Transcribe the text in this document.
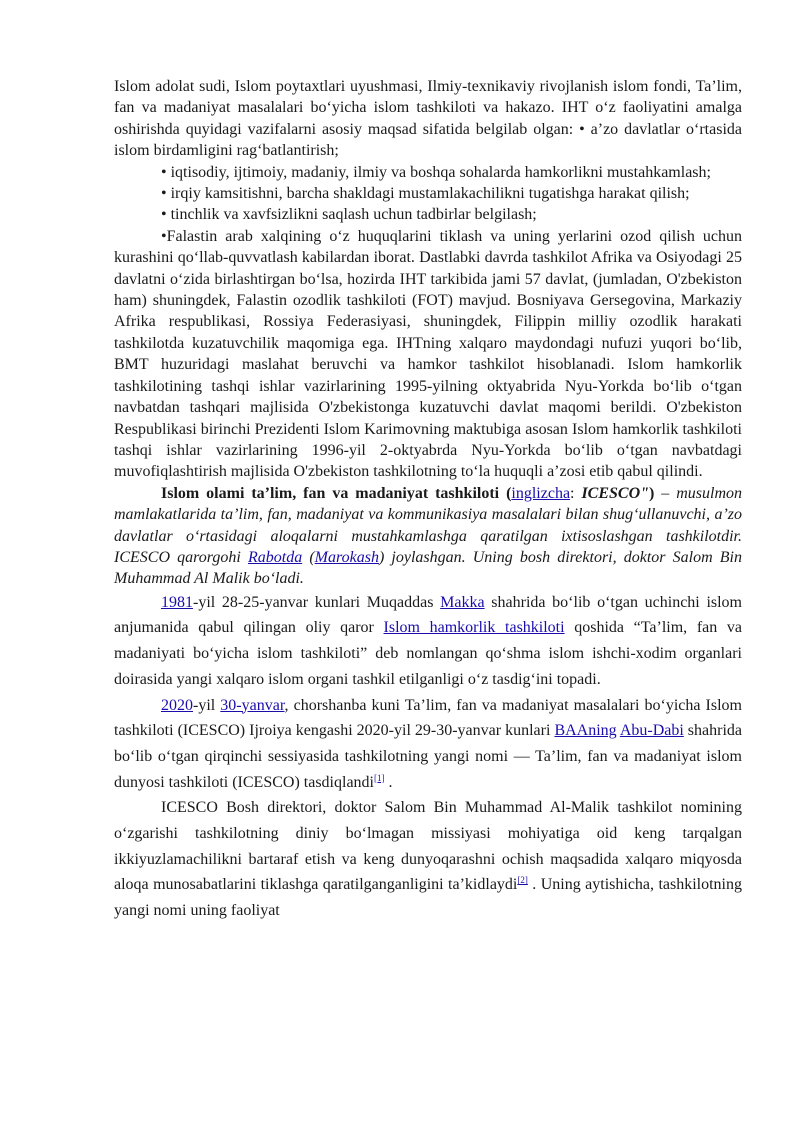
Islom adolat sudi, Islom poytaxtlari uyushmasi, Ilmiy-texnikaviy rivojlanish islom fondi, Ta’lim, fan va madaniyat masalalari bo‘yicha islom tashkiloti va hakazo. IHT o‘z faoliyatini amalga oshirishda quyidagi vazifalarni asosiy maqsad sifatida belgilab olgan: • a’zo davlatlar o‘rtasida islom birdamligini rag‘batlantirish;

• iqtisodiy, ijtimoiy, madaniy, ilmiy va boshqa sohalarda hamkorlikni mustahkamlash;

• irqiy kamsitishni, barcha shakldagi mustamlakachilikni tugatishga harakat qilish;

• tinchlik va xavfsizlikni saqlash uchun tadbirlar belgilash;

•Falastin arab xalqining o‘z huquqlarini tiklash va uning yerlarini ozod qilish uchun kurashini qo‘llab-quvvatlash kabilardan iborat. Dastlabki davrda tashkilot Afrika va Osiyodagi 25 davlatni o‘zida birlashtirgan bo‘lsa, hozirda IHT tarkibida jami 57 davlat, (jumladan, O'zbekiston ham) shuningdek, Falastin ozodlik tashkiloti (FOT) mavjud. Bosniyava Gersegovina, Markaziy Afrika respublikasi, Rossiya Federasiyasi, shuningdek, Filippin milliy ozodlik harakati tashkilotda kuzatuvchilik maqomiga ega. IHTning xalqaro maydondagi nufuzi yuqori bo‘lib, BMT huzuridagi maslahat beruvchi va hamkor tashkilot hisoblanadi. Islom hamkorlik tashkilotining tashqi ishlar vazirlarining 1995-yilning oktyabrida Nyu-Yorkda bo‘lib o‘tgan navbatdan tashqari majlisida O'zbekistonga kuzatuvchi davlat maqomi berildi. O'zbekiston Respublikasi birinchi Prezidenti Islom Karimovning maktubiga asosan Islom hamkorlik tashkiloti tashqi ishlar vazirlarining 1996-yil 2-oktyabrda Nyu-Yorkda bo‘lib o‘tgan navbatdagi muvofiqlashtirish majlisida O'zbekiston tashkilotning to‘la huquqli a’zosi etib qabul qilindi.

Islom olami ta’lim, fan va madaniyat tashkiloti (inglizcha: ICESCO") – musulmon mamlakatlarida ta’lim, fan, madaniyat va kommunikasiya masalalari bilan shug‘ullanuvchi, a’zo davlatlar o‘rtasidagi aloqalarni mustahkamlashga qaratilgan ixtisoslashgan tashkilotdir. ICESCO qarorgohi Rabotda (Marokash) joylashgan. Uning bosh direktori, doktor Salom Bin Muhammad Al Malik bo‘ladi.

1981-yil 28-25-yanvar kunlari Muqaddas Makka shahrida bo‘lib o‘tgan uchinchi islom anjumanida qabul qilingan oliy qaror Islom hamkorlik tashkiloti qoshida “Ta’lim, fan va madaniyati bo‘yicha islom tashkiloti” deb nomlangan qo‘shma islom ishchi-xodim organlari doirasida yangi xalqaro islom organi tashkil etilganligi o‘z tasdig‘ini topadi.

2020-yil 30-yanvar, chorshanba kuni Ta’lim, fan va madaniyat masalalari bo‘yicha Islom tashkiloti (ICESCO) Ijroiya kengashi 2020-yil 29-30-yanvar kunlari BAAning Abu-Dabi shahrida bo‘lib o‘tgan qirqinchi sessiyasida tashkilotning yangi nomi — Ta’lim, fan va madaniyat islom dunyosi tashkiloti (ICESCO) tasdiqlandi[1] .

ICESCO Bosh direktori, doktor Salom Bin Muhammad Al-Malik tashkilot nomining o‘zgarishi tashkilotning diniy bo‘lmagan missiyasi mohiyatiga oid keng tarqalgan ikkiyuzlamachilikni bartaraf etish va keng dunyoqarashni ochish maqsadida xalqaro miqyosda aloqa munosabatlarini tiklashga qaratilganganligini ta’kidlaydi[2] . Uning aytishicha, tashkilotning yangi nomi uning faoliyat
